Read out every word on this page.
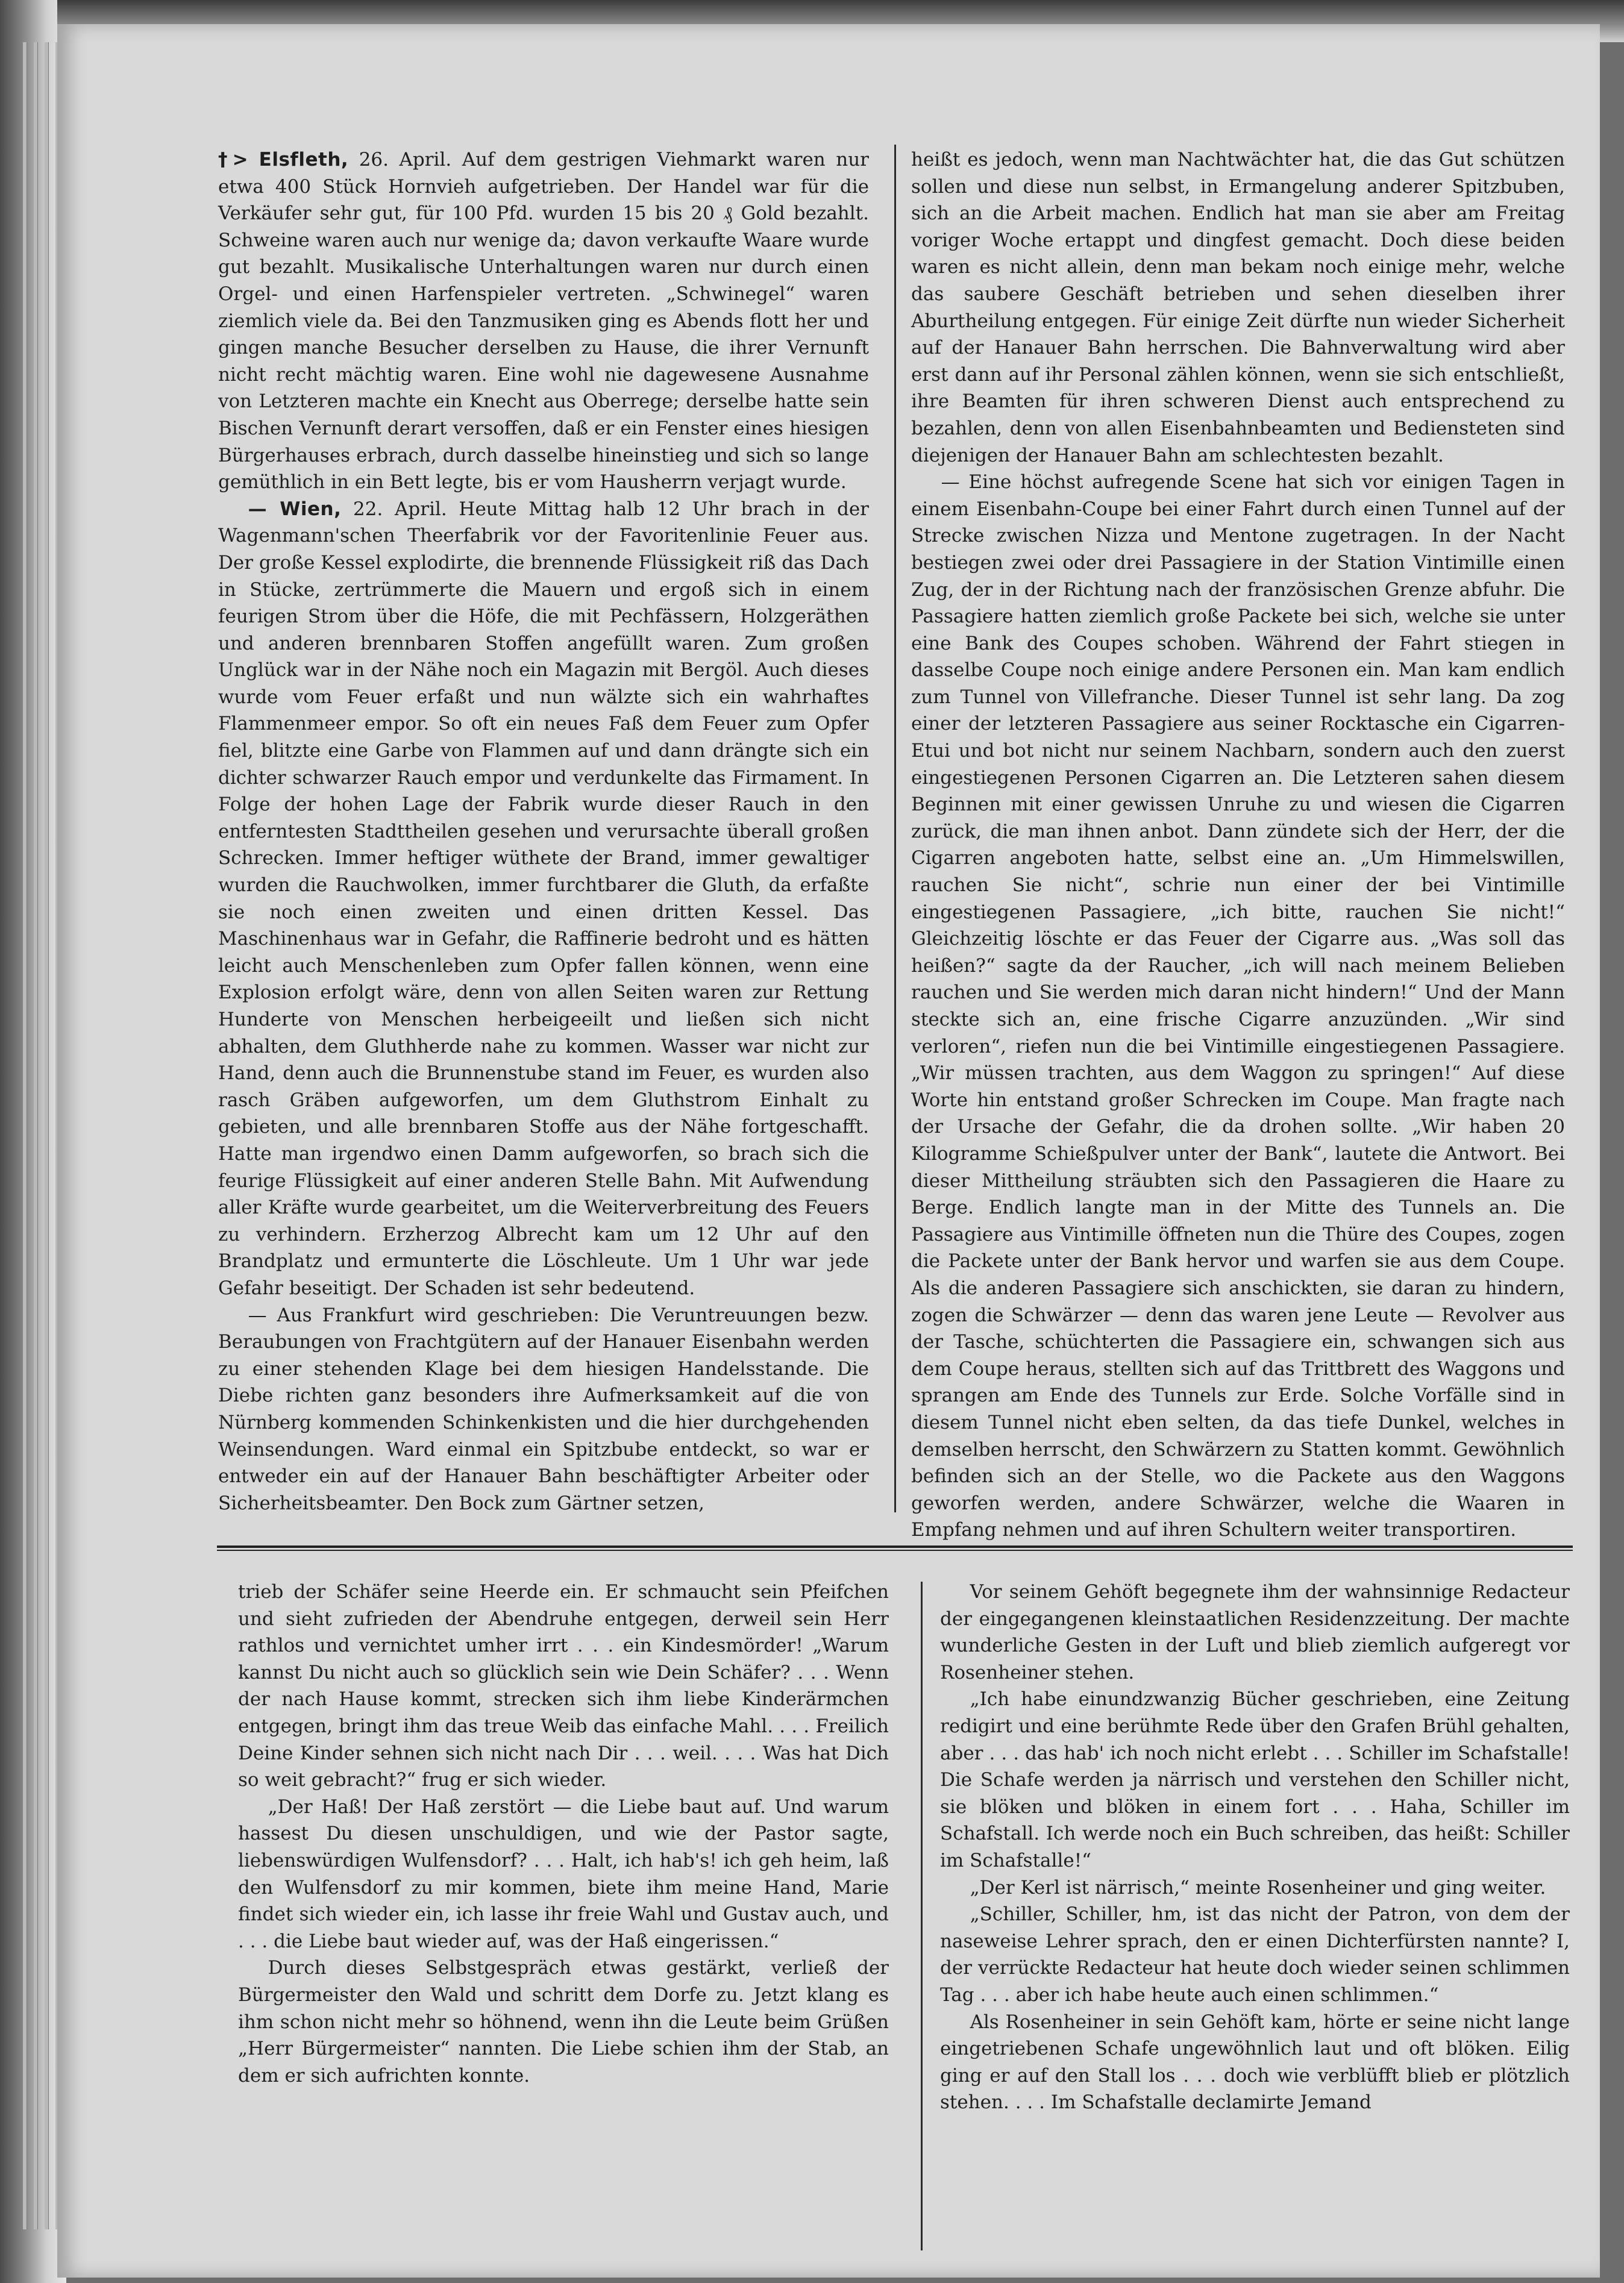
†> Elsfleth, 26. April. Auf dem gestrigen Viehmarkt waren nur etwa 400 Stück Hornvieh aufgetrieben. Der Handel war für die Verkäufer sehr gut, für 100 Pfd. wurden 15 bis 20 ₰ Gold bezahlt. Schweine waren auch nur wenige da; davon verkaufte Waare wurde gut bezahlt. Musikalische Unterhaltungen waren nur durch einen Orgel- und einen Harfenspieler vertreten. „Schwinegel“ waren ziemlich viele da. Bei den Tanzmusiken ging es Abends flott her und gingen manche Besucher derselben zu Hause, die ihrer Vernunft nicht recht mächtig waren. Eine wohl nie dagewesene Ausnahme von Letzteren machte ein Knecht aus Oberrege; derselbe hatte sein Bischen Vernunft derart versoffen, daß er ein Fenster eines hiesigen Bürgerhauses erbrach, durch dasselbe hineinstieg und sich so lange gemüthlich in ein Bett legte, bis er vom Hausherrn verjagt wurde.

— Wien, 22. April. Heute Mittag halb 12 Uhr brach in der Wagenmann'schen Theerfabrik vor der Favoritenlinie Feuer aus. Der große Kessel explodirte, die brennende Flüssigkeit riß das Dach in Stücke, zertrümmerte die Mauern und ergoß sich in einem feurigen Strom über die Höfe, die mit Pechfässern, Holzgeräthen und anderen brennbaren Stoffen angefüllt waren. Zum großen Unglück war in der Nähe noch ein Magazin mit Bergöl. Auch dieses wurde vom Feuer erfaßt und nun wälzte sich ein wahrhaftes Flammenmeer empor. So oft ein neues Faß dem Feuer zum Opfer fiel, blitzte eine Garbe von Flammen auf und dann drängte sich ein dichter schwarzer Rauch empor und verdunkelte das Firmament. In Folge der hohen Lage der Fabrik wurde dieser Rauch in den entferntesten Stadttheilen gesehen und verursachte überall großen Schrecken. Immer heftiger wüthete der Brand, immer gewaltiger wurden die Rauchwolken, immer furchtbarer die Gluth, da erfaßte sie noch einen zweiten und einen dritten Kessel. Das Maschinenhaus war in Gefahr, die Raffinerie bedroht und es hätten leicht auch Menschenleben zum Opfer fallen können, wenn eine Explosion erfolgt wäre, denn von allen Seiten waren zur Rettung Hunderte von Menschen herbeigeeilt und ließen sich nicht abhalten, dem Gluthherde nahe zu kommen. Wasser war nicht zur Hand, denn auch die Brunnenstube stand im Feuer, es wurden also rasch Gräben aufgeworfen, um dem Gluthstrom Einhalt zu gebieten, und alle brennbaren Stoffe aus der Nähe fortgeschafft. Hatte man irgendwo einen Damm aufgeworfen, so brach sich die feurige Flüssigkeit auf einer anderen Stelle Bahn. Mit Aufwendung aller Kräfte wurde gearbeitet, um die Weiterverbreitung des Feuers zu verhindern. Erzherzog Albrecht kam um 12 Uhr auf den Brandplatz und ermunterte die Löschleute. Um 1 Uhr war jede Gefahr beseitigt. Der Schaden ist sehr bedeutend.

— Aus Frankfurt wird geschrieben: Die Veruntreuungen bezw. Beraubungen von Frachtgütern auf der Hanauer Eisenbahn werden zu einer stehenden Klage bei dem hiesigen Handelsstande. Die Diebe richten ganz besonders ihre Aufmerksamkeit auf die von Nürnberg kommenden Schinkenkisten und die hier durchgehenden Weinsendungen. Ward einmal ein Spitzbube entdeckt, so war er entweder ein auf der Hanauer Bahn beschäftigter Arbeiter oder Sicherheitsbeamter. Den Bock zum Gärtner setzen,

heißt es jedoch, wenn man Nachtwächter hat, die das Gut schützen sollen und diese nun selbst, in Ermangelung anderer Spitzbuben, sich an die Arbeit machen. Endlich hat man sie aber am Freitag voriger Woche ertappt und dingfest gemacht. Doch diese beiden waren es nicht allein, denn man bekam noch einige mehr, welche das saubere Geschäft betrieben und sehen dieselben ihrer Aburtheilung entgegen. Für einige Zeit dürfte nun wieder Sicherheit auf der Hanauer Bahn herrschen. Die Bahnverwaltung wird aber erst dann auf ihr Personal zählen können, wenn sie sich entschließt, ihre Beamten für ihren schweren Dienst auch entsprechend zu bezahlen, denn von allen Eisenbahnbeamten und Bediensteten sind diejenigen der Hanauer Bahn am schlechtesten bezahlt.

— Eine höchst aufregende Scene hat sich vor einigen Tagen in einem Eisenbahn-Coupe bei einer Fahrt durch einen Tunnel auf der Strecke zwischen Nizza und Mentone zugetragen. In der Nacht bestiegen zwei oder drei Passagiere in der Station Vintimille einen Zug, der in der Richtung nach der französischen Grenze abfuhr. Die Passagiere hatten ziemlich große Packete bei sich, welche sie unter eine Bank des Coupes schoben. Während der Fahrt stiegen in dasselbe Coupe noch einige andere Personen ein. Man kam endlich zum Tunnel von Villefranche. Dieser Tunnel ist sehr lang. Da zog einer der letzteren Passagiere aus seiner Rocktasche ein Cigarren-Etui und bot nicht nur seinem Nachbarn, sondern auch den zuerst eingestiegenen Personen Cigarren an. Die Letzteren sahen diesem Beginnen mit einer gewissen Unruhe zu und wiesen die Cigarren zurück, die man ihnen anbot. Dann zündete sich der Herr, der die Cigarren angeboten hatte, selbst eine an. „Um Himmelswillen, rauchen Sie nicht“, schrie nun einer der bei Vintimille eingestiegenen Passagiere, „ich bitte, rauchen Sie nicht!“ Gleichzeitig löschte er das Feuer der Cigarre aus. „Was soll das heißen?“ sagte da der Raucher, „ich will nach meinem Belieben rauchen und Sie werden mich daran nicht hindern!“ Und der Mann steckte sich an, eine frische Cigarre anzuzünden. „Wir sind verloren“, riefen nun die bei Vintimille eingestiegenen Passagiere. „Wir müssen trachten, aus dem Waggon zu springen!“ Auf diese Worte hin entstand großer Schrecken im Coupe. Man fragte nach der Ursache der Gefahr, die da drohen sollte. „Wir haben 20 Kilogramme Schießpulver unter der Bank“, lautete die Antwort. Bei dieser Mittheilung sträubten sich den Passagieren die Haare zu Berge. Endlich langte man in der Mitte des Tunnels an. Die Passagiere aus Vintimille öffneten nun die Thüre des Coupes, zogen die Packete unter der Bank hervor und warfen sie aus dem Coupe. Als die anderen Passagiere sich anschickten, sie daran zu hindern, zogen die Schwärzer — denn das waren jene Leute — Revolver aus der Tasche, schüchterten die Passagiere ein, schwangen sich aus dem Coupe heraus, stellten sich auf das Trittbrett des Waggons und sprangen am Ende des Tunnels zur Erde. Solche Vorfälle sind in diesem Tunnel nicht eben selten, da das tiefe Dunkel, welches in demselben herrscht, den Schwärzern zu Statten kommt. Gewöhnlich befinden sich an der Stelle, wo die Packete aus den Waggons geworfen werden, andere Schwärzer, welche die Waaren in Empfang nehmen und auf ihren Schultern weiter transportiren.

trieb der Schäfer seine Heerde ein. Er schmaucht sein Pfeifchen und sieht zufrieden der Abendruhe entgegen, derweil sein Herr rathlos und vernichtet umher irrt . . . ein Kindesmörder! „Warum kannst Du nicht auch so glücklich sein wie Dein Schäfer? . . . Wenn der nach Hause kommt, strecken sich ihm liebe Kinderärmchen entgegen, bringt ihm das treue Weib das einfache Mahl. . . . Freilich Deine Kinder sehnen sich nicht nach Dir . . . weil. . . . Was hat Dich so weit gebracht?“ frug er sich wieder.

„Der Haß! Der Haß zerstört — die Liebe baut auf. Und warum hassest Du diesen unschuldigen, und wie der Pastor sagte, liebenswürdigen Wulfensdorf? . . . Halt, ich hab's! ich geh heim, laß den Wulfensdorf zu mir kommen, biete ihm meine Hand, Marie findet sich wieder ein, ich lasse ihr freie Wahl und Gustav auch, und . . . die Liebe baut wieder auf, was der Haß eingerissen.“

Durch dieses Selbstgespräch etwas gestärkt, verließ der Bürgermeister den Wald und schritt dem Dorfe zu. Jetzt klang es ihm schon nicht mehr so höhnend, wenn ihn die Leute beim Grüßen „Herr Bürgermeister“ nannten. Die Liebe schien ihm der Stab, an dem er sich aufrichten konnte.

Vor seinem Gehöft begegnete ihm der wahnsinnige Redacteur der eingegangenen kleinstaatlichen Residenzzeitung. Der machte wunderliche Gesten in der Luft und blieb ziemlich aufgeregt vor Rosenheiner stehen.

„Ich habe einundzwanzig Bücher geschrieben, eine Zeitung redigirt und eine berühmte Rede über den Grafen Brühl gehalten, aber . . . das hab' ich noch nicht erlebt . . . Schiller im Schafstalle! Die Schafe werden ja närrisch und verstehen den Schiller nicht, sie blöken und blöken in einem fort . . . Haha, Schiller im Schafstall. Ich werde noch ein Buch schreiben, das heißt: Schiller im Schafstalle!“

„Der Kerl ist närrisch,“ meinte Rosenheiner und ging weiter.

„Schiller, Schiller, hm, ist das nicht der Patron, von dem der naseweise Lehrer sprach, den er einen Dichterfürsten nannte? I, der verrückte Redacteur hat heute doch wieder seinen schlimmen Tag . . . aber ich habe heute auch einen schlimmen.“

Als Rosenheiner in sein Gehöft kam, hörte er seine nicht lange eingetriebenen Schafe ungewöhnlich laut und oft blöken. Eilig ging er auf den Stall los . . . doch wie verblüfft blieb er plötzlich stehen. . . . Im Schafstalle declamirte Jemand
